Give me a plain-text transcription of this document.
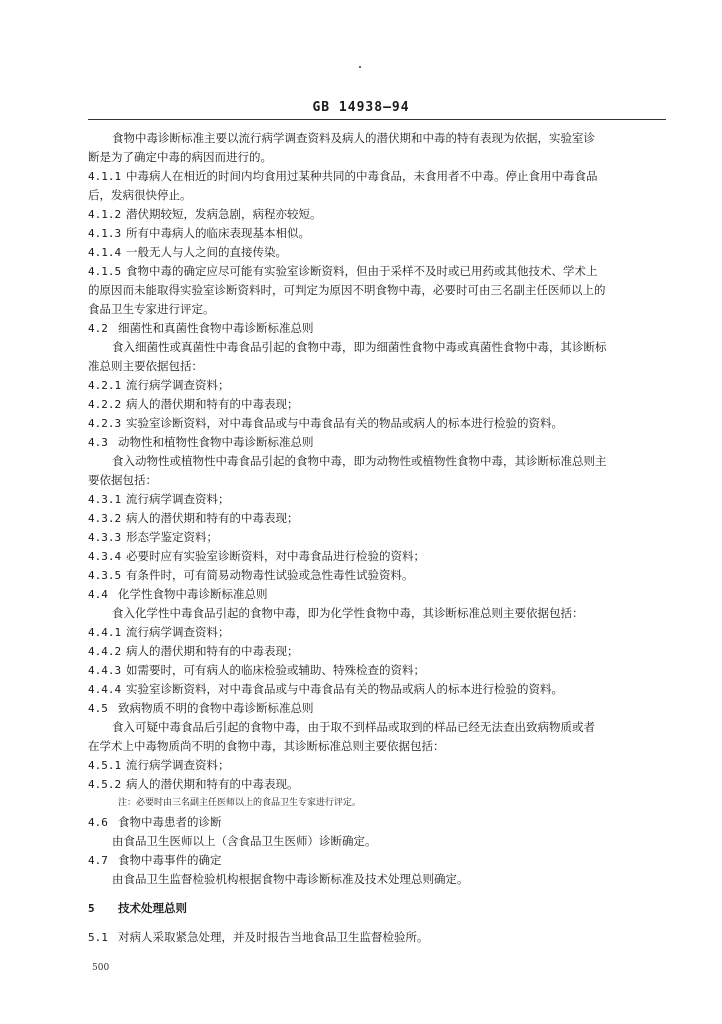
GB 14938—94
食物中毒诊断标准主要以流行病学调查资料及病人的潜伏期和中毒的特有表现为依据，实验室诊
断是为了确定中毒的病因而进行的。
4.1.1 中毒病人在相近的时间内均食用过某种共同的中毒食品，未食用者不中毒。停止食用中毒食品
后，发病很快停止。
4.1.2 潜伏期较短，发病急剧，病程亦较短。
4.1.3 所有中毒病人的临床表现基本相似。
4.1.4 一般无人与人之间的直接传染。
4.1.5 食物中毒的确定应尽可能有实验室诊断资料，但由于采样不及时或已用药或其他技术、学术上
的原因而未能取得实验室诊断资料时，可判定为原因不明食物中毒，必要时可由三名副主任医师以上的
食品卫生专家进行评定。
4.2 细菌性和真菌性食物中毒诊断标准总则
食入细菌性或真菌性中毒食品引起的食物中毒，即为细菌性食物中毒或真菌性食物中毒，其诊断标
准总则主要依据包括：
4.2.1 流行病学调查资料；
4.2.2 病人的潜伏期和特有的中毒表现；
4.2.3 实验室诊断资料，对中毒食品或与中毒食品有关的物品或病人的标本进行检验的资料。
4.3 动物性和植物性食物中毒诊断标准总则
食入动物性或植物性中毒食品引起的食物中毒，即为动物性或植物性食物中毒，其诊断标准总则主
要依据包括：
4.3.1 流行病学调查资料；
4.3.2 病人的潜伏期和特有的中毒表现；
4.3.3 形态学鉴定资料；
4.3.4 必要时应有实验室诊断资料，对中毒食品进行检验的资料；
4.3.5 有条件时，可有简易动物毒性试验或急性毒性试验资料。
4.4 化学性食物中毒诊断标准总则
食入化学性中毒食品引起的食物中毒，即为化学性食物中毒，其诊断标准总则主要依据包括：
4.4.1 流行病学调查资料；
4.4.2 病人的潜伏期和特有的中毒表现；
4.4.3 如需要时，可有病人的临床检验或辅助、特殊检查的资料；
4.4.4 实验室诊断资料，对中毒食品或与中毒食品有关的物品或病人的标本进行检验的资料。
4.5 致病物质不明的食物中毒诊断标准总则
食入可疑中毒食品后引起的食物中毒，由于取不到样品或取到的样品已经无法查出致病物质或者
在学术上中毒物质尚不明的食物中毒，其诊断标准总则主要依据包括：
4.5.1 流行病学调查资料；
4.5.2 病人的潜伏期和特有的中毒表现。
注：必要时由三名副主任医师以上的食品卫生专家进行评定。
4.6 食物中毒患者的诊断
由食品卫生医师以上（含食品卫生医师）诊断确定。
4.7 食物中毒事件的确定
由食品卫生监督检验机构根据食物中毒诊断标准及技术处理总则确定。
5 技术处理总则
5.1 对病人采取紧急处理，并及时报告当地食品卫生监督检验所。
500
